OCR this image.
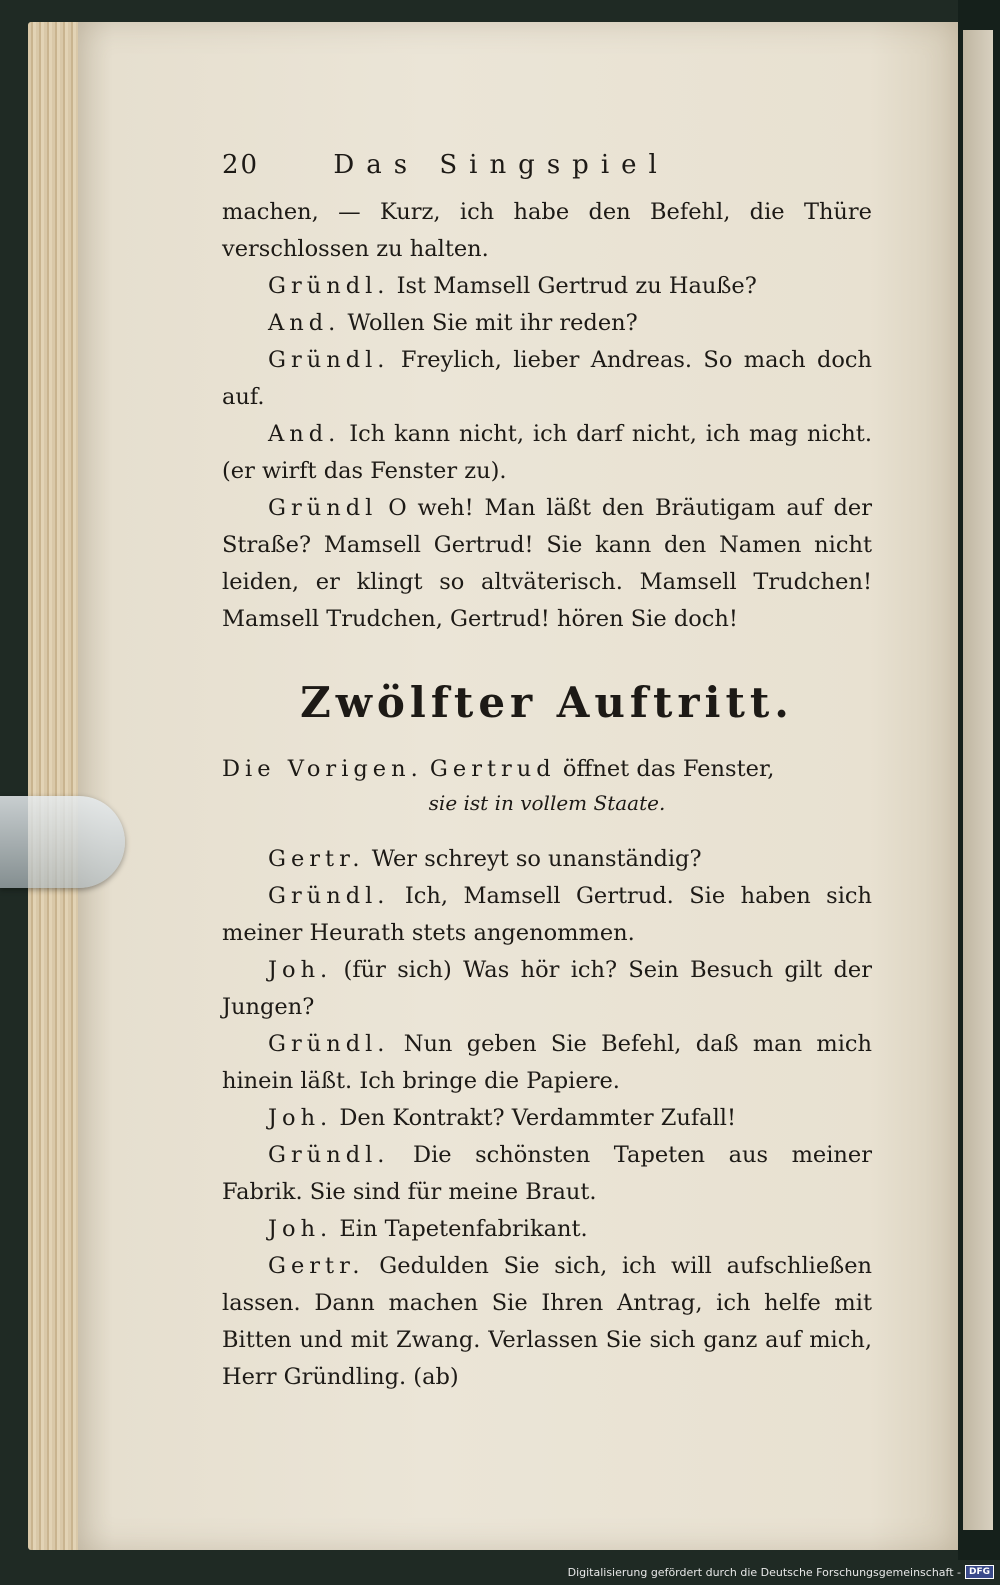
20	Das Singspiel

machen, — Kurz, ich habe den Befehl, die Thüre verschlossen zu halten.

Gründl. Ist Mamsell Gertrud zu Hauße?

And. Wollen Sie mit ihr reden?

Gründl. Freylich, lieber Andreas. So mach doch auf.

And. Ich kann nicht, ich darf nicht, ich mag nicht. (er wirft das Fenster zu).

Gründl O weh! Man läßt den Bräutigam auf der Straße? Mamsell Gertrud! Sie kann den Namen nicht leiden, er klingt so altväterisch. Mamsell Trudchen! Mamsell Trudchen, Gertrud! hören Sie doch!

Zwölfter Auftritt.

Die Vorigen. Gertrud öffnet das Fenster,

sie ist in vollem Staate.

Gertr. Wer schreyt so unanständig?

Gründl. Ich, Mamsell Gertrud. Sie haben sich meiner Heurath stets angenommen.

Joh. (für sich) Was hör ich? Sein Besuch gilt der Jungen?

Gründl. Nun geben Sie Befehl, daß man mich hinein läßt. Ich bringe die Papiere.

Joh. Den Kontrakt? Verdammter Zufall!

Gründl. Die schönsten Tapeten aus meiner Fabrik. Sie sind für meine Braut.

Joh. Ein Tapetenfabrikant.

Gertr. Gedulden Sie sich, ich will aufschließen lassen. Dann machen Sie Ihren Antrag, ich helfe mit Bitten und mit Zwang. Verlassen Sie sich ganz auf mich, Herr Gründling. (ab)

Digitalisierung gefördert durch die Deutsche Forschungsgemeinschaft - DFG
